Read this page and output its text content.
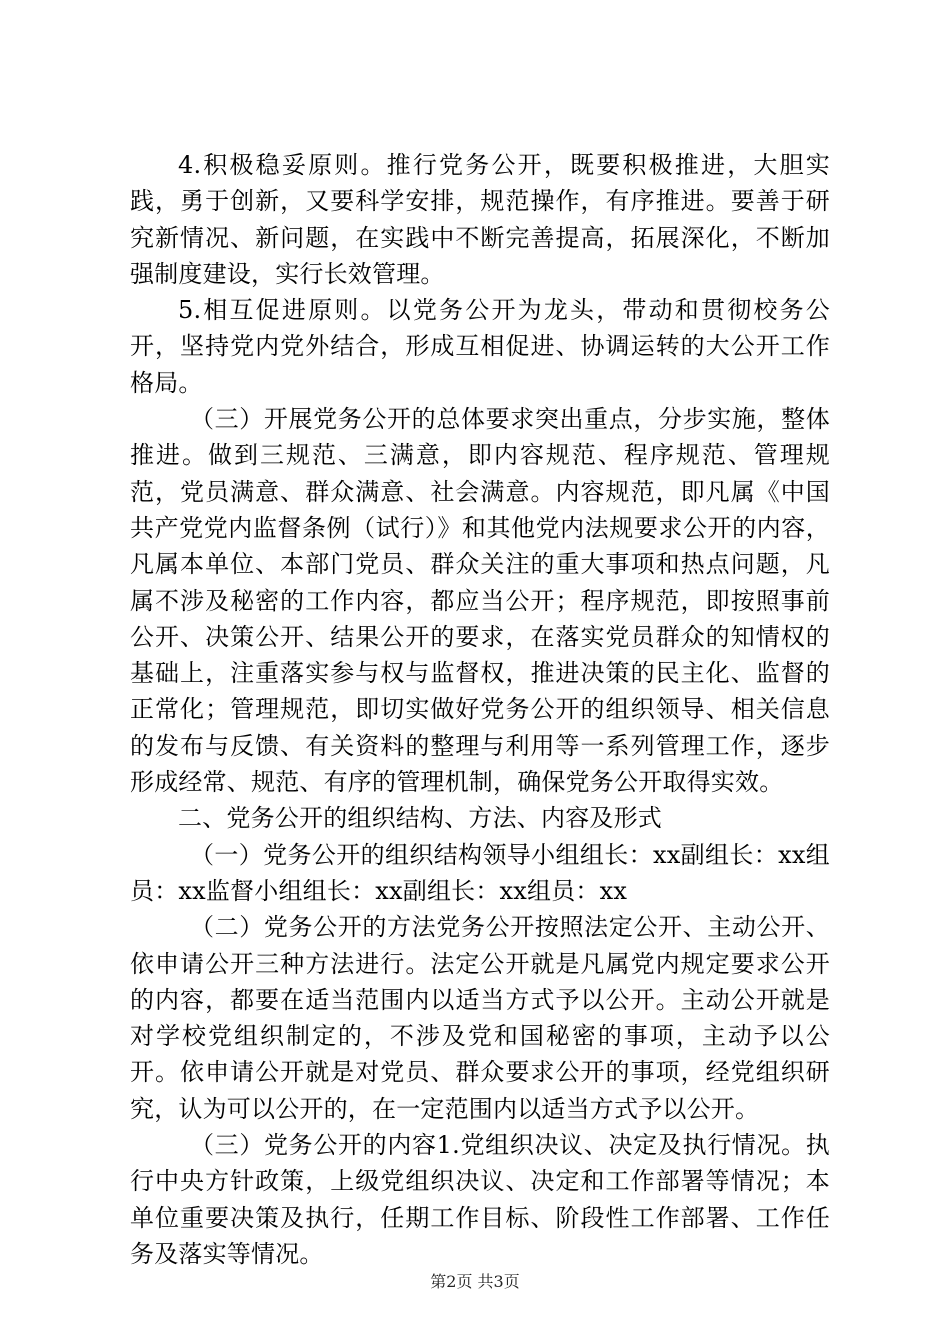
4.积极稳妥原则。推行党务公开，既要积极推进，大胆实践，勇于创新，又要科学安排，规范操作，有序推进。要善于研究新情况、新问题，在实践中不断完善提高，拓展深化，不断加强制度建设，实行长效管理。

5.相互促进原则。以党务公开为龙头，带动和贯彻校务公开，坚持党内党外结合，形成互相促进、协调运转的大公开工作格局。

（三）开展党务公开的总体要求突出重点，分步实施，整体推进。做到三规范、三满意，即内容规范、程序规范、管理规范，党员满意、群众满意、社会满意。内容规范，即凡属《中国共产党党内监督条例（试行）》和其他党内法规要求公开的内容，凡属本单位、本部门党员、群众关注的重大事项和热点问题，凡属不涉及秘密的工作内容，都应当公开；程序规范，即按照事前公开、决策公开、结果公开的要求，在落实党员群众的知情权的基础上，注重落实参与权与监督权，推进决策的民主化、监督的正常化；管理规范，即切实做好党务公开的组织领导、相关信息的发布与反馈、有关资料的整理与利用等一系列管理工作，逐步形成经常、规范、有序的管理机制，确保党务公开取得实效。

二、党务公开的组织结构、方法、内容及形式

（一）党务公开的组织结构领导小组组长：xx副组长：xx组员：xx监督小组组长：xx副组长：xx组员：xx

（二）党务公开的方法党务公开按照法定公开、主动公开、依申请公开三种方法进行。法定公开就是凡属党内规定要求公开的内容，都要在适当范围内以适当方式予以公开。主动公开就是对学校党组织制定的，不涉及党和国秘密的事项，主动予以公开。依申请公开就是对党员、群众要求公开的事项，经党组织研究，认为可以公开的，在一定范围内以适当方式予以公开。

（三）党务公开的内容1.党组织决议、决定及执行情况。执行中央方针政策，上级党组织决议、决定和工作部署等情况；本单位重要决策及执行，任期工作目标、阶段性工作部署、工作任务及落实等情况。

第2页 共3页
